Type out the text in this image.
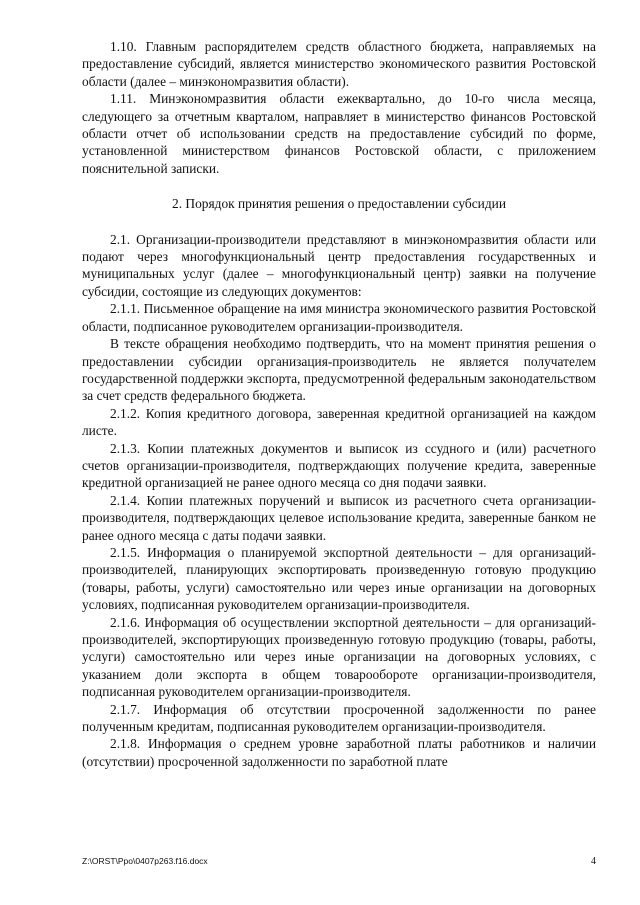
1.10. Главным распорядителем средств областного бюджета, направляемых на предоставление субсидий, является министерство экономического развития Ростовской области (далее – минэкономразвития области).

1.11. Минэкономразвития области ежеквартально, до 10-го числа месяца, следующего за отчетным кварталом, направляет в министерство финансов Ростовской области отчет об использовании средств на предоставление субсидий по форме, установленной министерством финансов Ростовской области, с приложением пояснительной записки.

2. Порядок принятия решения о предоставлении субсидии

2.1. Организации-производители представляют в минэкономразвития области или подают через многофункциональный центр предоставления государственных и муниципальных услуг (далее – многофункциональный центр) заявки на получение субсидии, состоящие из следующих документов:

2.1.1. Письменное обращение на имя министра экономического развития Ростовской области, подписанное руководителем организации-производителя.

В тексте обращения необходимо подтвердить, что на момент принятия решения о предоставлении субсидии организация-производитель не является получателем государственной поддержки экспорта, предусмотренной федеральным законодательством за счет средств федерального бюджета.

2.1.2. Копия кредитного договора, заверенная кредитной организацией на каждом листе.

2.1.3. Копии платежных документов и выписок из ссудного и (или) расчетного счетов организации-производителя, подтверждающих получение кредита, заверенные кредитной организацией не ранее одного месяца со дня подачи заявки.

2.1.4. Копии платежных поручений и выписок из расчетного счета организации-производителя, подтверждающих целевое использование кредита, заверенные банком не ранее одного месяца с даты подачи заявки.

2.1.5. Информация о планируемой экспортной деятельности – для организаций-производителей, планирующих экспортировать произведенную готовую продукцию (товары, работы, услуги) самостоятельно или через иные организации на договорных условиях, подписанная руководителем организации-производителя.

2.1.6. Информация об осуществлении экспортной деятельности – для организаций-производителей, экспортирующих произведенную готовую продукцию (товары, работы, услуги) самостоятельно или через иные организации на договорных условиях, с указанием доли экспорта в общем товарообороте организации-производителя, подписанная руководителем организации-производителя.

2.1.7. Информация об отсутствии просроченной задолженности по ранее полученным кредитам, подписанная руководителем организации-производителя.

2.1.8. Информация о среднем уровне заработной платы работников и наличии (отсутствии) просроченной задолженности по заработной плате

Z:\ORST\Ppo\0407p263.f16.docx	4
